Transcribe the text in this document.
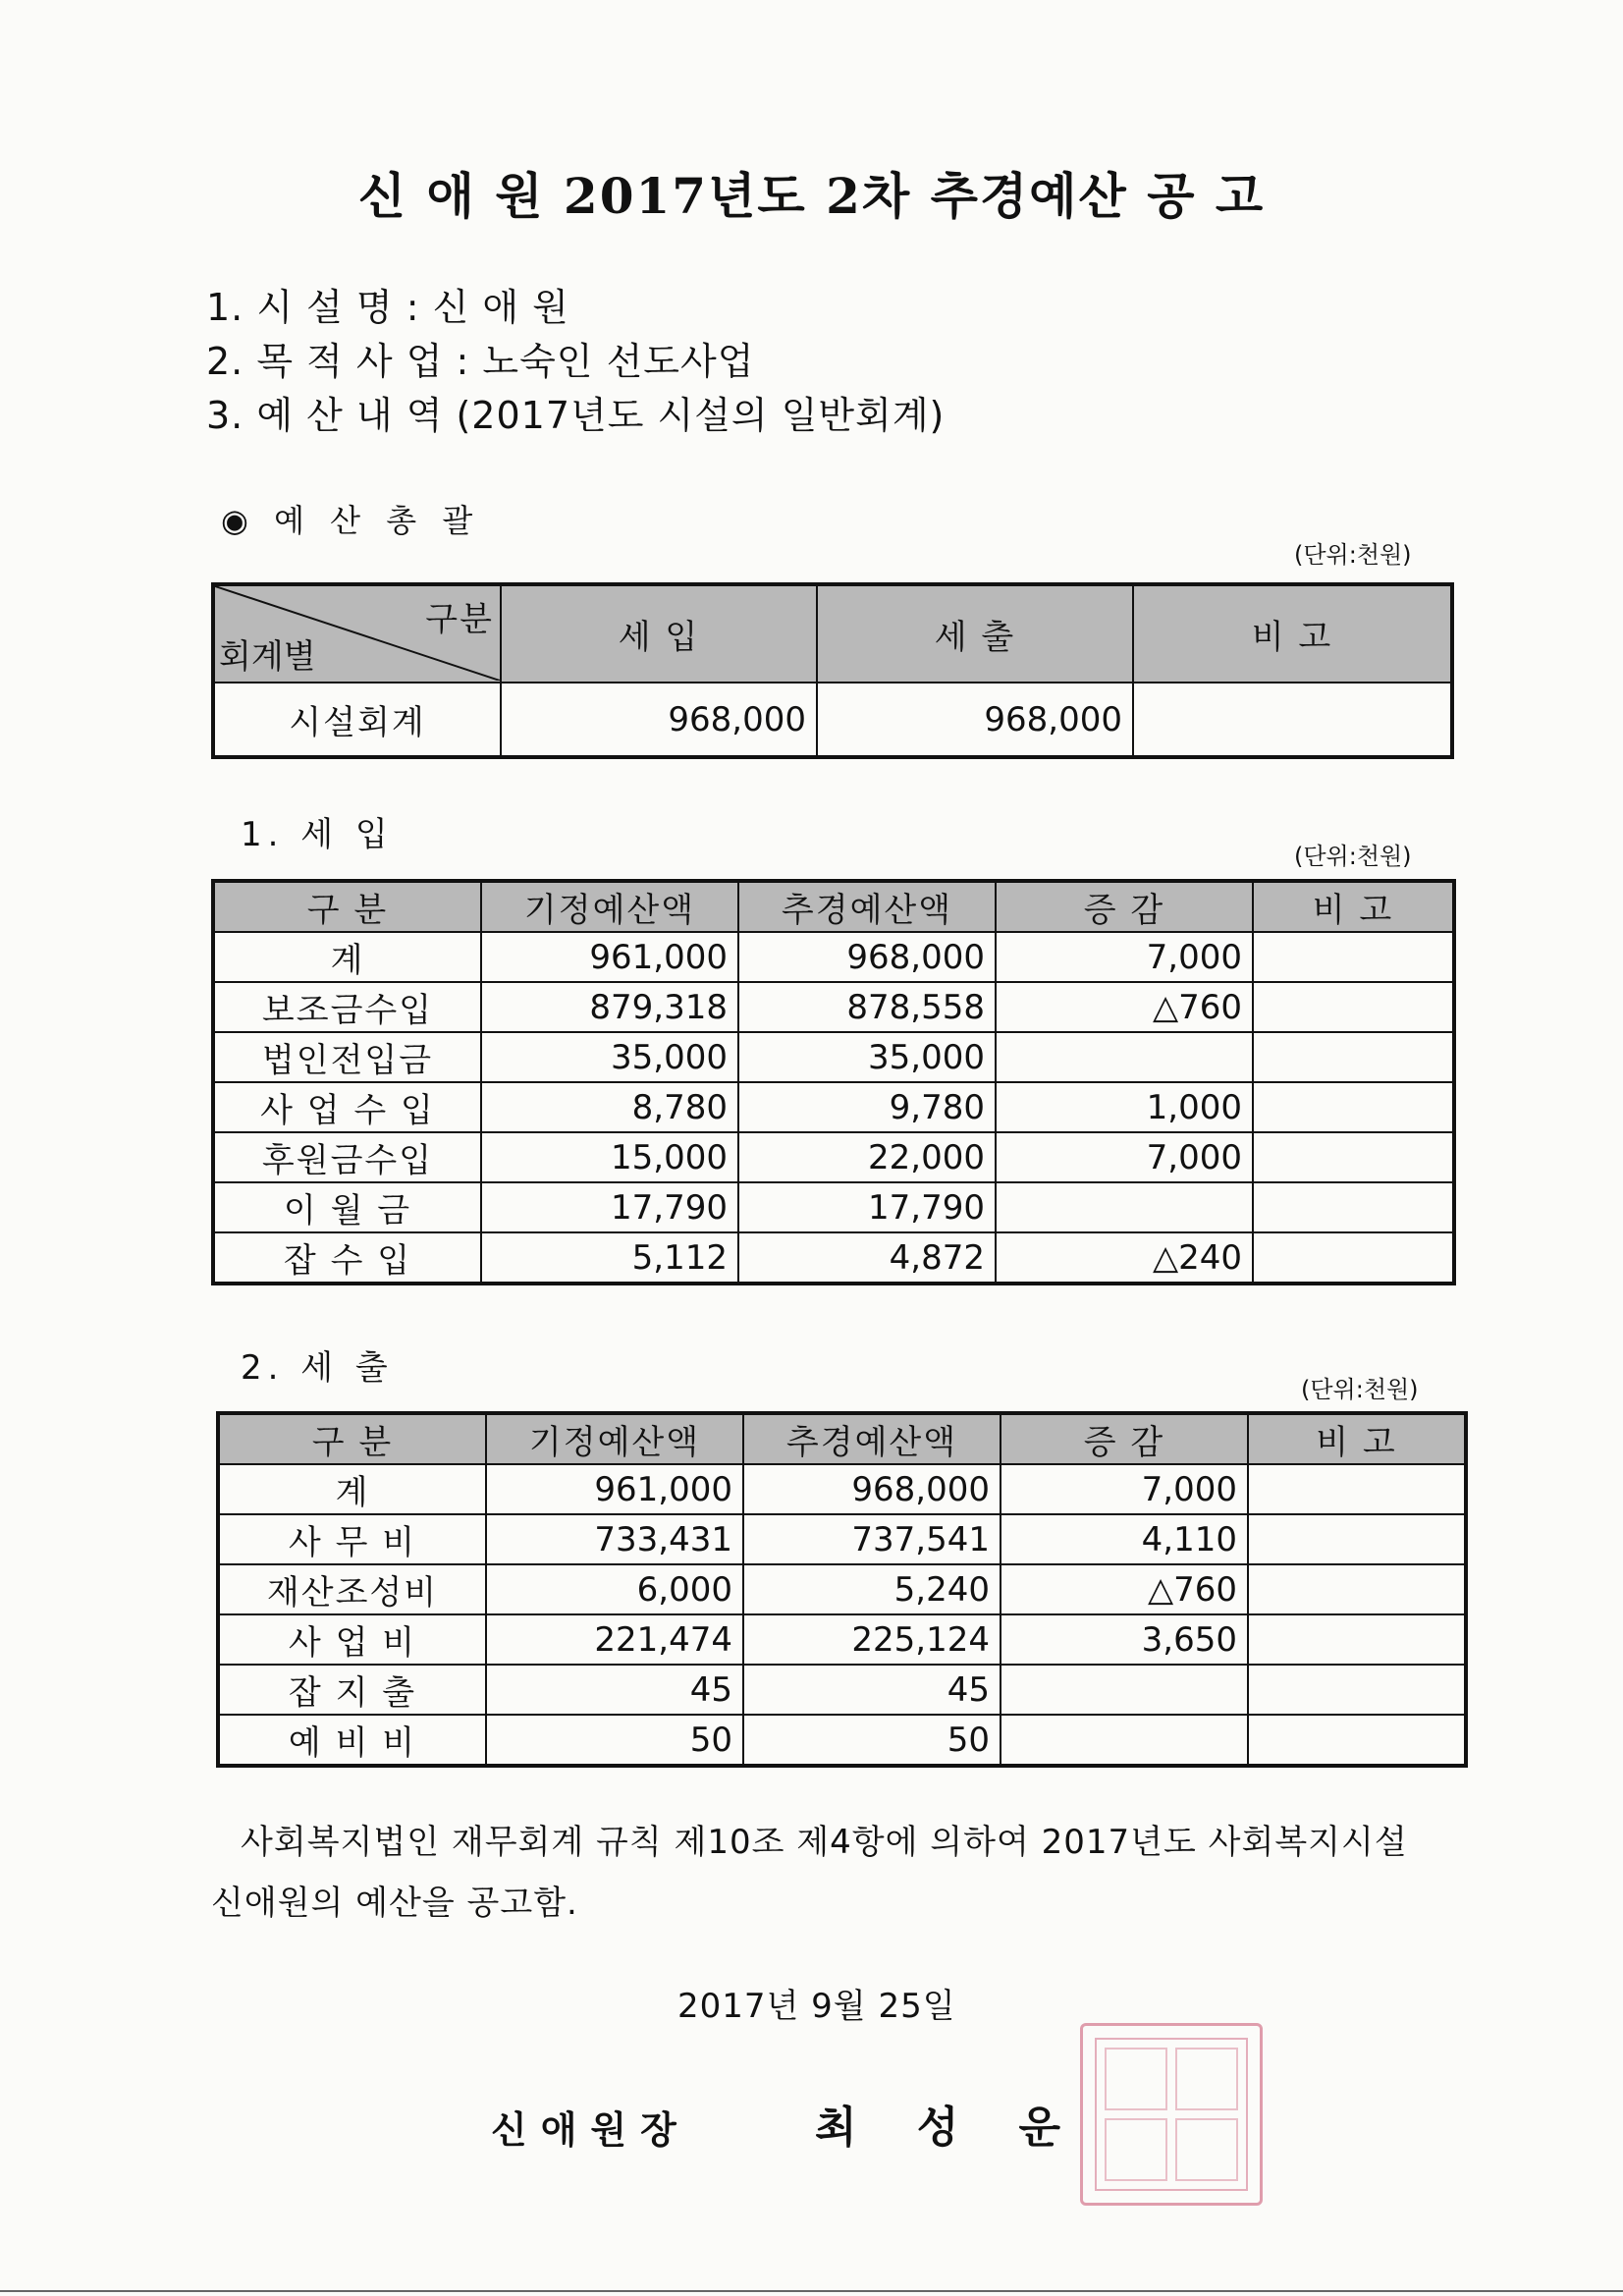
신 애 원 2017년도 2차 추경예산 공 고
1. 시 설 명 : 신 애 원
2. 목 적 사 업 : 노숙인 선도사업
3. 예 산 내 역 (2017년도 시설의 일반회계)
◉ 예 산 총 괄
(단위:천원)
구분
회계별	세 입	세 출	비 고
시설회계	968,000	968,000	
1. 세 입
(단위:천원)
구 분	기정예산액	추경예산액	증 감	비 고
계	961,000	968,000	7,000	
보조금수입	879,318	878,558	△760	
법인전입금	35,000	35,000		
사 업 수 입	8,780	9,780	1,000	
후원금수입	15,000	22,000	7,000	
이 월 금	17,790	17,790		
잡 수 입	5,112	4,872	△240	
2. 세 출
(단위:천원)
구 분	기정예산액	추경예산액	증 감	비 고
계	961,000	968,000	7,000	
사 무 비	733,431	737,541	4,110	
재산조성비	6,000	5,240	△760	
사 업 비	221,474	225,124	3,650	
잡 지 출	45	45		
예 비 비	50	50		
사회복지법인 재무회계 규칙 제10조 제4항에 의하여 2017년도 사회복지시설
신애원의 예산을 공고함.
2017년 9월 25일
신애원장	최    성    운
